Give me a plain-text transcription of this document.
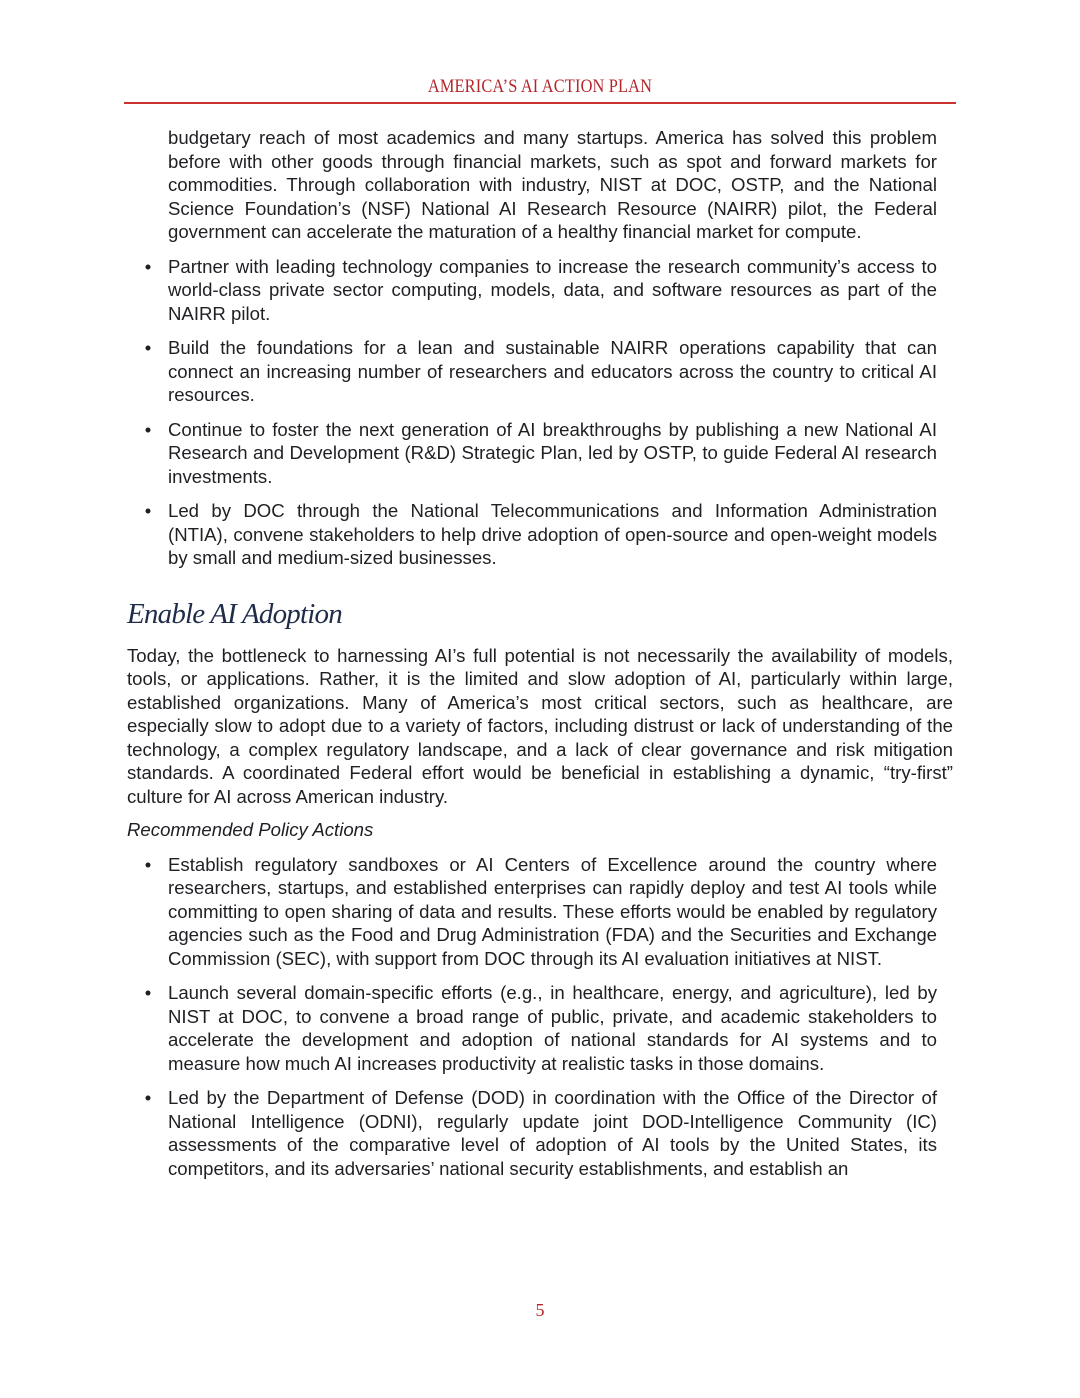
AMERICA’S AI ACTION PLAN

budgetary reach of most academics and many startups. America has solved this problem before with other goods through financial markets, such as spot and forward markets for commodities. Through collaboration with industry, NIST at DOC, OSTP, and the National Science Foundation’s (NSF) National AI Research Resource (NAIRR) pilot, the Federal government can accelerate the maturation of a healthy financial market for compute.

• Partner with leading technology companies to increase the research community’s access to world-class private sector computing, models, data, and software resources as part of the NAIRR pilot.
• Build the foundations for a lean and sustainable NAIRR operations capability that can connect an increasing number of researchers and educators across the country to critical AI resources.
• Continue to foster the next generation of AI breakthroughs by publishing a new National AI Research and Development (R&D) Strategic Plan, led by OSTP, to guide Federal AI research investments.
• Led by DOC through the National Telecommunications and Information Administration (NTIA), convene stakeholders to help drive adoption of open-source and open-weight models by small and medium-sized businesses.
Enable AI Adoption

Today, the bottleneck to harnessing AI’s full potential is not necessarily the availability of models, tools, or applications. Rather, it is the limited and slow adoption of AI, particularly within large, established organizations. Many of America’s most critical sectors, such as healthcare, are especially slow to adopt due to a variety of factors, including distrust or lack of understanding of the technology, a complex regulatory landscape, and a lack of clear governance and risk mitigation standards. A coordinated Federal effort would be beneficial in establishing a dynamic, “try-first” culture for AI across American industry.

Recommended Policy Actions
• Establish regulatory sandboxes or AI Centers of Excellence around the country where researchers, startups, and established enterprises can rapidly deploy and test AI tools while committing to open sharing of data and results. These efforts would be enabled by regulatory agencies such as the Food and Drug Administration (FDA) and the Securities and Exchange Commission (SEC), with support from DOC through its AI evaluation initiatives at NIST.
• Launch several domain-specific efforts (e.g., in healthcare, energy, and agriculture), led by NIST at DOC, to convene a broad range of public, private, and academic stakeholders to accelerate the development and adoption of national standards for AI systems and to measure how much AI increases productivity at realistic tasks in those domains.
• Led by the Department of Defense (DOD) in coordination with the Office of the Director of National Intelligence (ODNI), regularly update joint DOD-Intelligence Community (IC) assessments of the comparative level of adoption of AI tools by the United States, its competitors, and its adversaries’ national security establishments, and establish an
5
